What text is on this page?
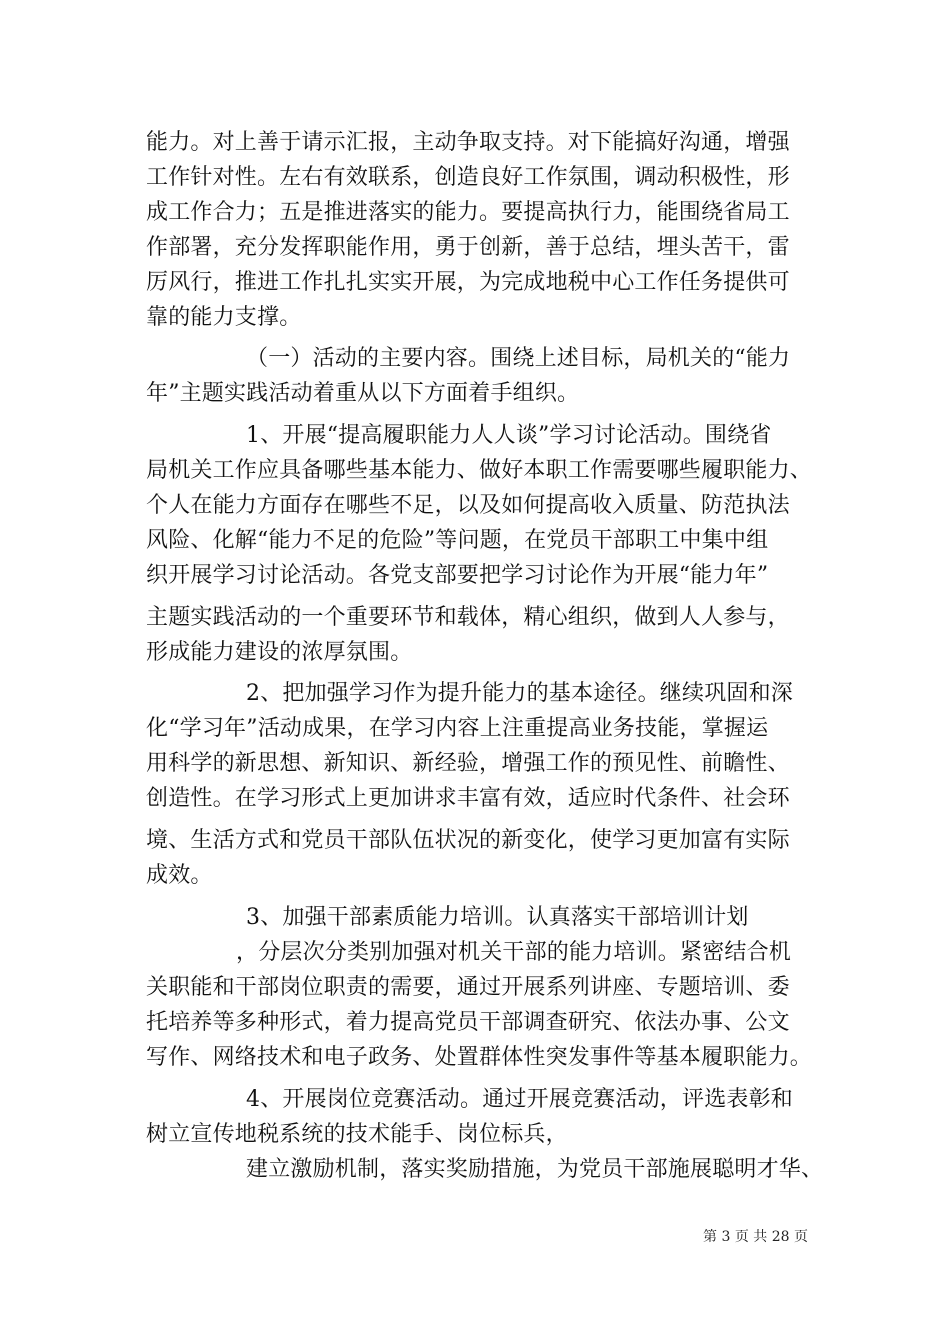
能力。对上善于请示汇报，主动争取支持。对下能搞好沟通，增强
工作针对性。左右有效联系，创造良好工作氛围，调动积极性，形
成工作合力；五是推进落实的能力。要提高执行力，能围绕省局工
作部署，充分发挥职能作用，勇于创新，善于总结，埋头苦干，雷
厉风行，推进工作扎扎实实开展，为完成地税中心工作任务提供可
靠的能力支撑。
（一）活动的主要内容。围绕上述目标，局机关的“能力
年”主题实践活动着重从以下方面着手组织。
1、开展“提高履职能力人人谈”学习讨论活动。围绕省
局机关工作应具备哪些基本能力、做好本职工作需要哪些履职能力、
个人在能力方面存在哪些不足，以及如何提高收入质量、防范执法
风险、化解“能力不足的危险”等问题，在党员干部职工中集中组
织开展学习讨论活动。各党支部要把学习讨论作为开展“能力年”
主题实践活动的一个重要环节和载体，精心组织，做到人人参与，
形成能力建设的浓厚氛围。
2、把加强学习作为提升能力的基本途径。继续巩固和深
化“学习年”活动成果，在学习内容上注重提高业务技能，掌握运
用科学的新思想、新知识、新经验，增强工作的预见性、前瞻性、
创造性。在学习形式上更加讲求丰富有效，适应时代条件、社会环
境、生活方式和党员干部队伍状况的新变化，使学习更加富有实际
成效。
3、加强干部素质能力培训。认真落实干部培训计划
，分层次分类别加强对机关干部的能力培训。紧密结合机
关职能和干部岗位职责的需要，通过开展系列讲座、专题培训、委
托培养等多种形式，着力提高党员干部调查研究、依法办事、公文
写作、网络技术和电子政务、处置群体性突发事件等基本履职能力。
4、开展岗位竞赛活动。通过开展竞赛活动，评选表彰和
树立宣传地税系统的技术能手、岗位标兵，
建立激励机制，落实奖励措施，为党员干部施展聪明才华、
第 3 页 共 28 页
